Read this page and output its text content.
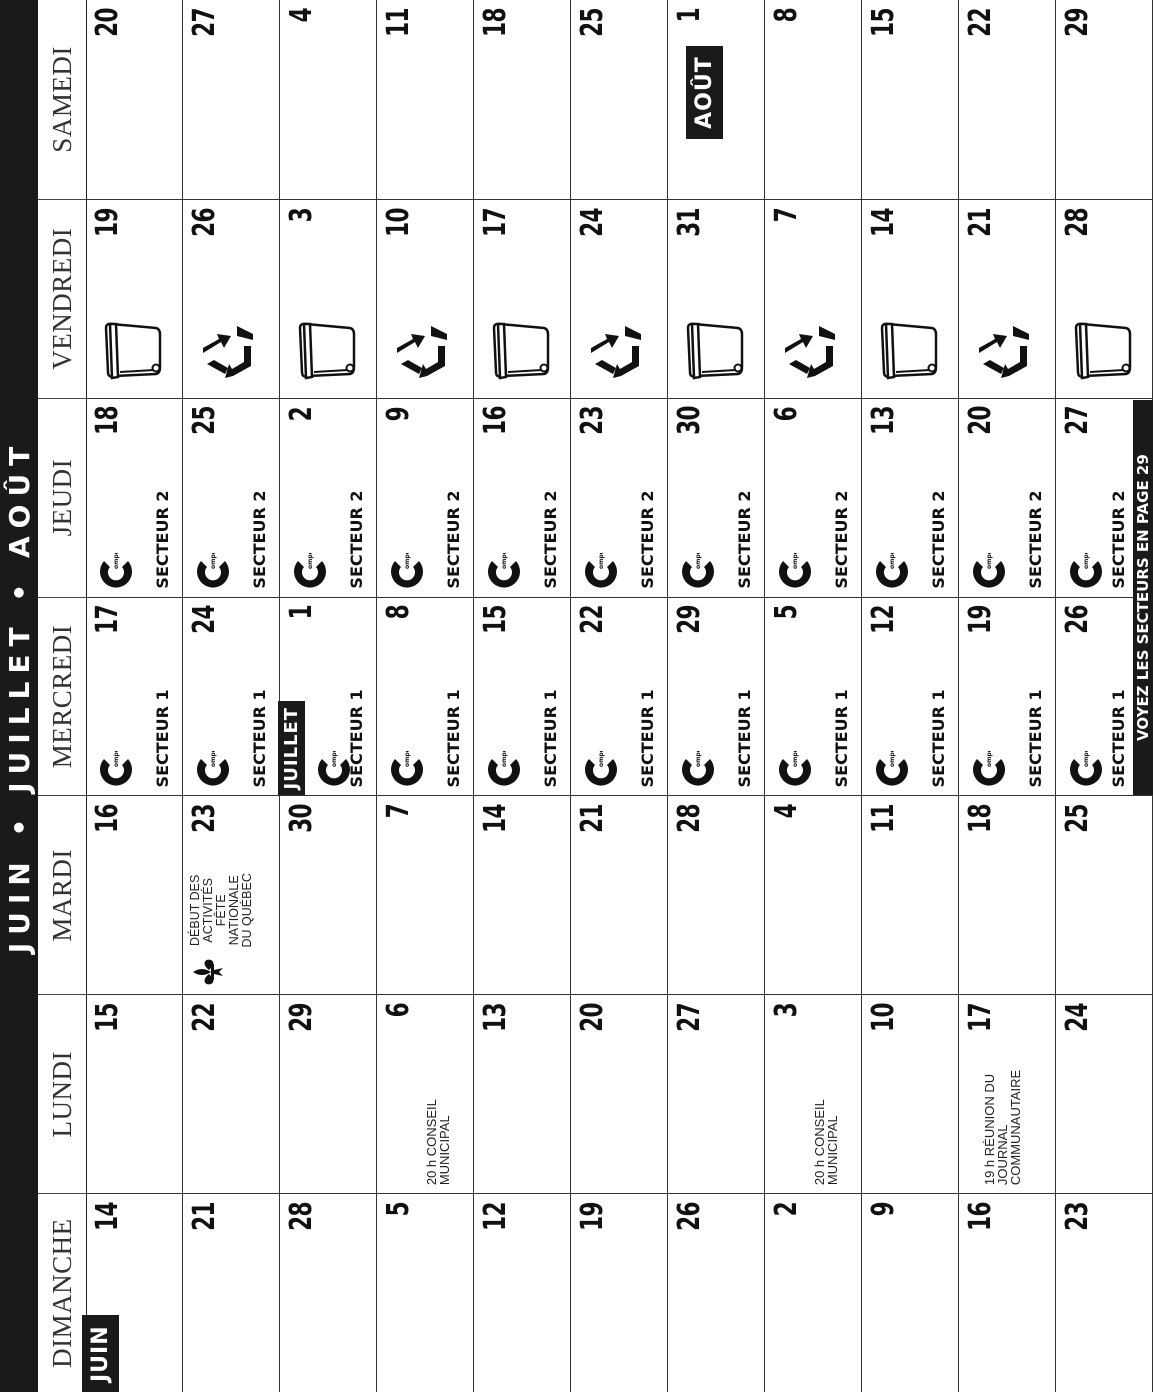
JUIN • JUILLET • AOÛT
DIMANCHE
LUNDI
MARDI
MERCREDI
JEUDI
VENDREDI
SAMEDI
14
JUIN
15
16
17
ompost SECTEUR 1
18
ompost SECTEUR 2
19
20
21
22
23
DÉBUT DES ACTIVITÉS FÊTE NATIONALE DU QUÉBEC
24
ompost SECTEUR 1
25
ompost SECTEUR 2
26
27
28
29
30
1
JUILLET	ompost SECTEUR 1
2
ompost SECTEUR 2
3
4
5
6
20 h CONSEIL MUNICIPAL
7
8
ompost SECTEUR 1
9
ompost SECTEUR 2
10
11
12
13
14
15
ompost SECTEUR 1
16
ompost SECTEUR 2
17
18
19
20
21
22
ompost SECTEUR 1
23
ompost SECTEUR 2
24
25
26
27
28
29
ompost SECTEUR 1
30
ompost SECTEUR 2
31
1
AOÛT
2
3
20 h CONSEIL MUNICIPAL
4
5
ompost SECTEUR 1
6
ompost SECTEUR 2
7
8
9
10
11
12
ompost SECTEUR 1
13
ompost SECTEUR 2
14
15
16
17
19 h RÉUNION DU JOURNAL COMMUNAUTAIRE
18
19
ompost SECTEUR 1
20
ompost SECTEUR 2
21
22
23
24
25
26
ompost SECTEUR 1 VOYEZ LES SECTEURS EN PAGE 29
27
ompost SECTEUR 2
28
29
